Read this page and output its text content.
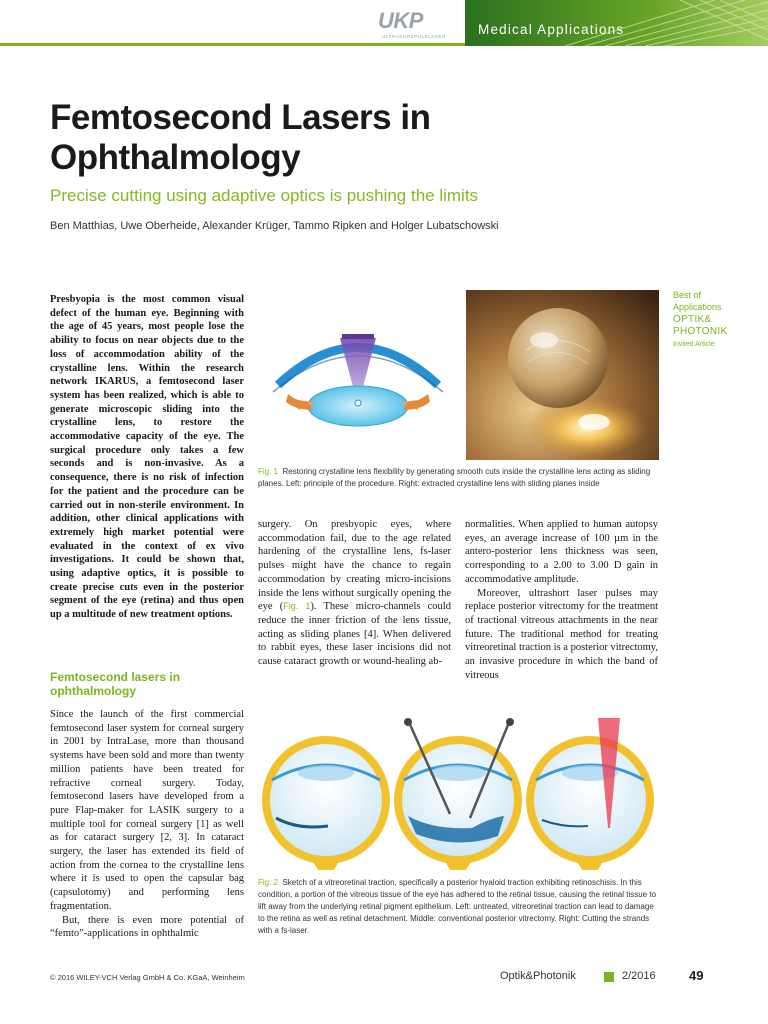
UKP
ULTRAKURZPULSLASER Medical Applications
Femtosecond Lasers in Ophthalmology
Precise cutting using adaptive optics is pushing the limits
Ben Matthias, Uwe Oberheide, Alexander Krüger, Tammo Ripken and Holger Lubatschowski
Best of
Applications
OPTIK&
PHOTONIK
Invited Article
Presbyopia is the most common visual defect of the human eye. Beginning with the age of 45 years, most people lose the ability to focus on near objects due to the loss of accommodation ability of the crystalline lens. Within the research network IKARUS, a femtosecond laser system has been realized, which is able to generate microscopic sliding into the crystalline lens, to restore the accommodative capacity of the eye. The surgical procedure only takes a few seconds and is non-invasive. As a consequence, there is no risk of infection for the patient and the procedure can be carried out in non-sterile environment. In addition, other clinical applications with extremely high market potential were evaluated in the context of ex vivo investigations. It could be shown that, using adaptive optics, it is possible to create precise cuts even in the posterior segment of the eye (retina) and thus open up a multitude of new treatment options.
Femtosecond lasers in ophthalmology

Since the launch of the first commercial femtosecond laser system for corneal surgery in 2001 by IntraLase, more than thousand systems have been sold and more than twenty million patients have been treated for refractive corneal surgery. Today, femtosecond lasers have developed from a pure Flap-maker for LASIK surgery to a multiple tool for corneal surgery [1] as well as for cataract surgery [2, 3]. In cataract surgery, the laser has extended its field of action from the cornea to the crystalline lens where it is used to open the capsular bag (capsulotomy) and performing lens fragmentation.

But, there is even more potential of “femto”-applications in ophthalmic

surgery. On presbyopic eyes, where accommodation fail, due to the age related hardening of the crystalline lens, fs-laser pulses might have the chance to regain accommodation by creating micro-incisions inside the lens without surgically opening the eye (Fig. 1). These micro-channels could reduce the inner friction of the lens tissue, acting as sliding planes [4]. When delivered to rabbit eyes, these laser incisions did not cause cataract growth or wound-healing ab-

normalities. When applied to human autopsy eyes, an average increase of 100 µm in the antero-posterior lens thickness was seen, corresponding to a 2.00 to 3.00 D gain in accommodative amplitude.

Moreover, ultrashort laser pulses may replace posterior vitrectomy for the treatment of tractional vitreous attachments in the near future. The traditional method for treating vitreoretinal traction is a posterior vitrectomy, an invasive procedure in which the band of vitreous

Fig. 1 Restoring crystalline lens flexibility by generating smooth cuts inside the crystalline lens acting as sliding planes. Left: principle of the procedure. Right: extracted crystalline lens with sliding planes inside
Fig. 2 Sketch of a vitreoretinal traction, specifically a posterior hyaloid traction exhibiting retinoschisis. In this condition, a portion of the vitreous tissue of the eye has adhered to the retinal tissue, causing the retinal tissue to lift away from the underlying retinal pigment epithelium. Left: untreated, vitreoretinal traction can lead to damage to the retina as well as retinal detachment. Middle: conventional posterior vitrectomy. Right: Cutting the strands with a fs-laser.
© 2016 WILEY-VCH Verlag GmbH & Co. KGaA, Weinheim	Optik&Photonik	2/2016	49
